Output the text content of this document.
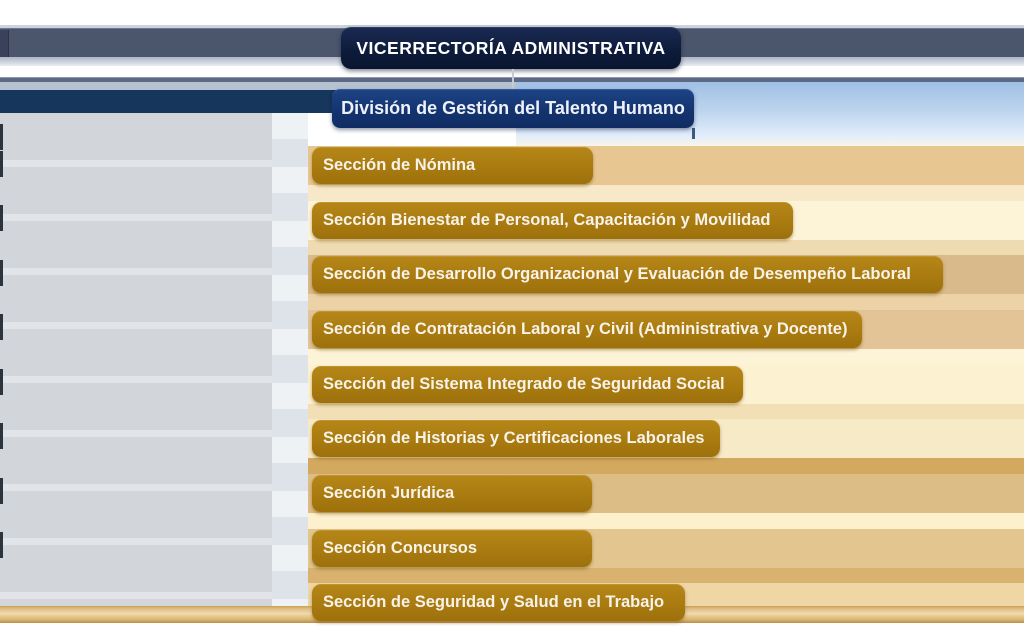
VICERRECTORÍA ADMINISTRATIVA
División de Gestión del Talento Humano
Sección de Nómina
Sección Bienestar de Personal, Capacitación y Movilidad
Sección de Desarrollo Organizacional y Evaluación de Desempeño Laboral
Sección de Contratación Laboral y Civil (Administrativa y Docente)
Sección del Sistema Integrado de Seguridad Social
Sección de Historias y Certificaciones Laborales
Sección Jurídica
Sección Concursos
Sección de Seguridad y Salud en el Trabajo
